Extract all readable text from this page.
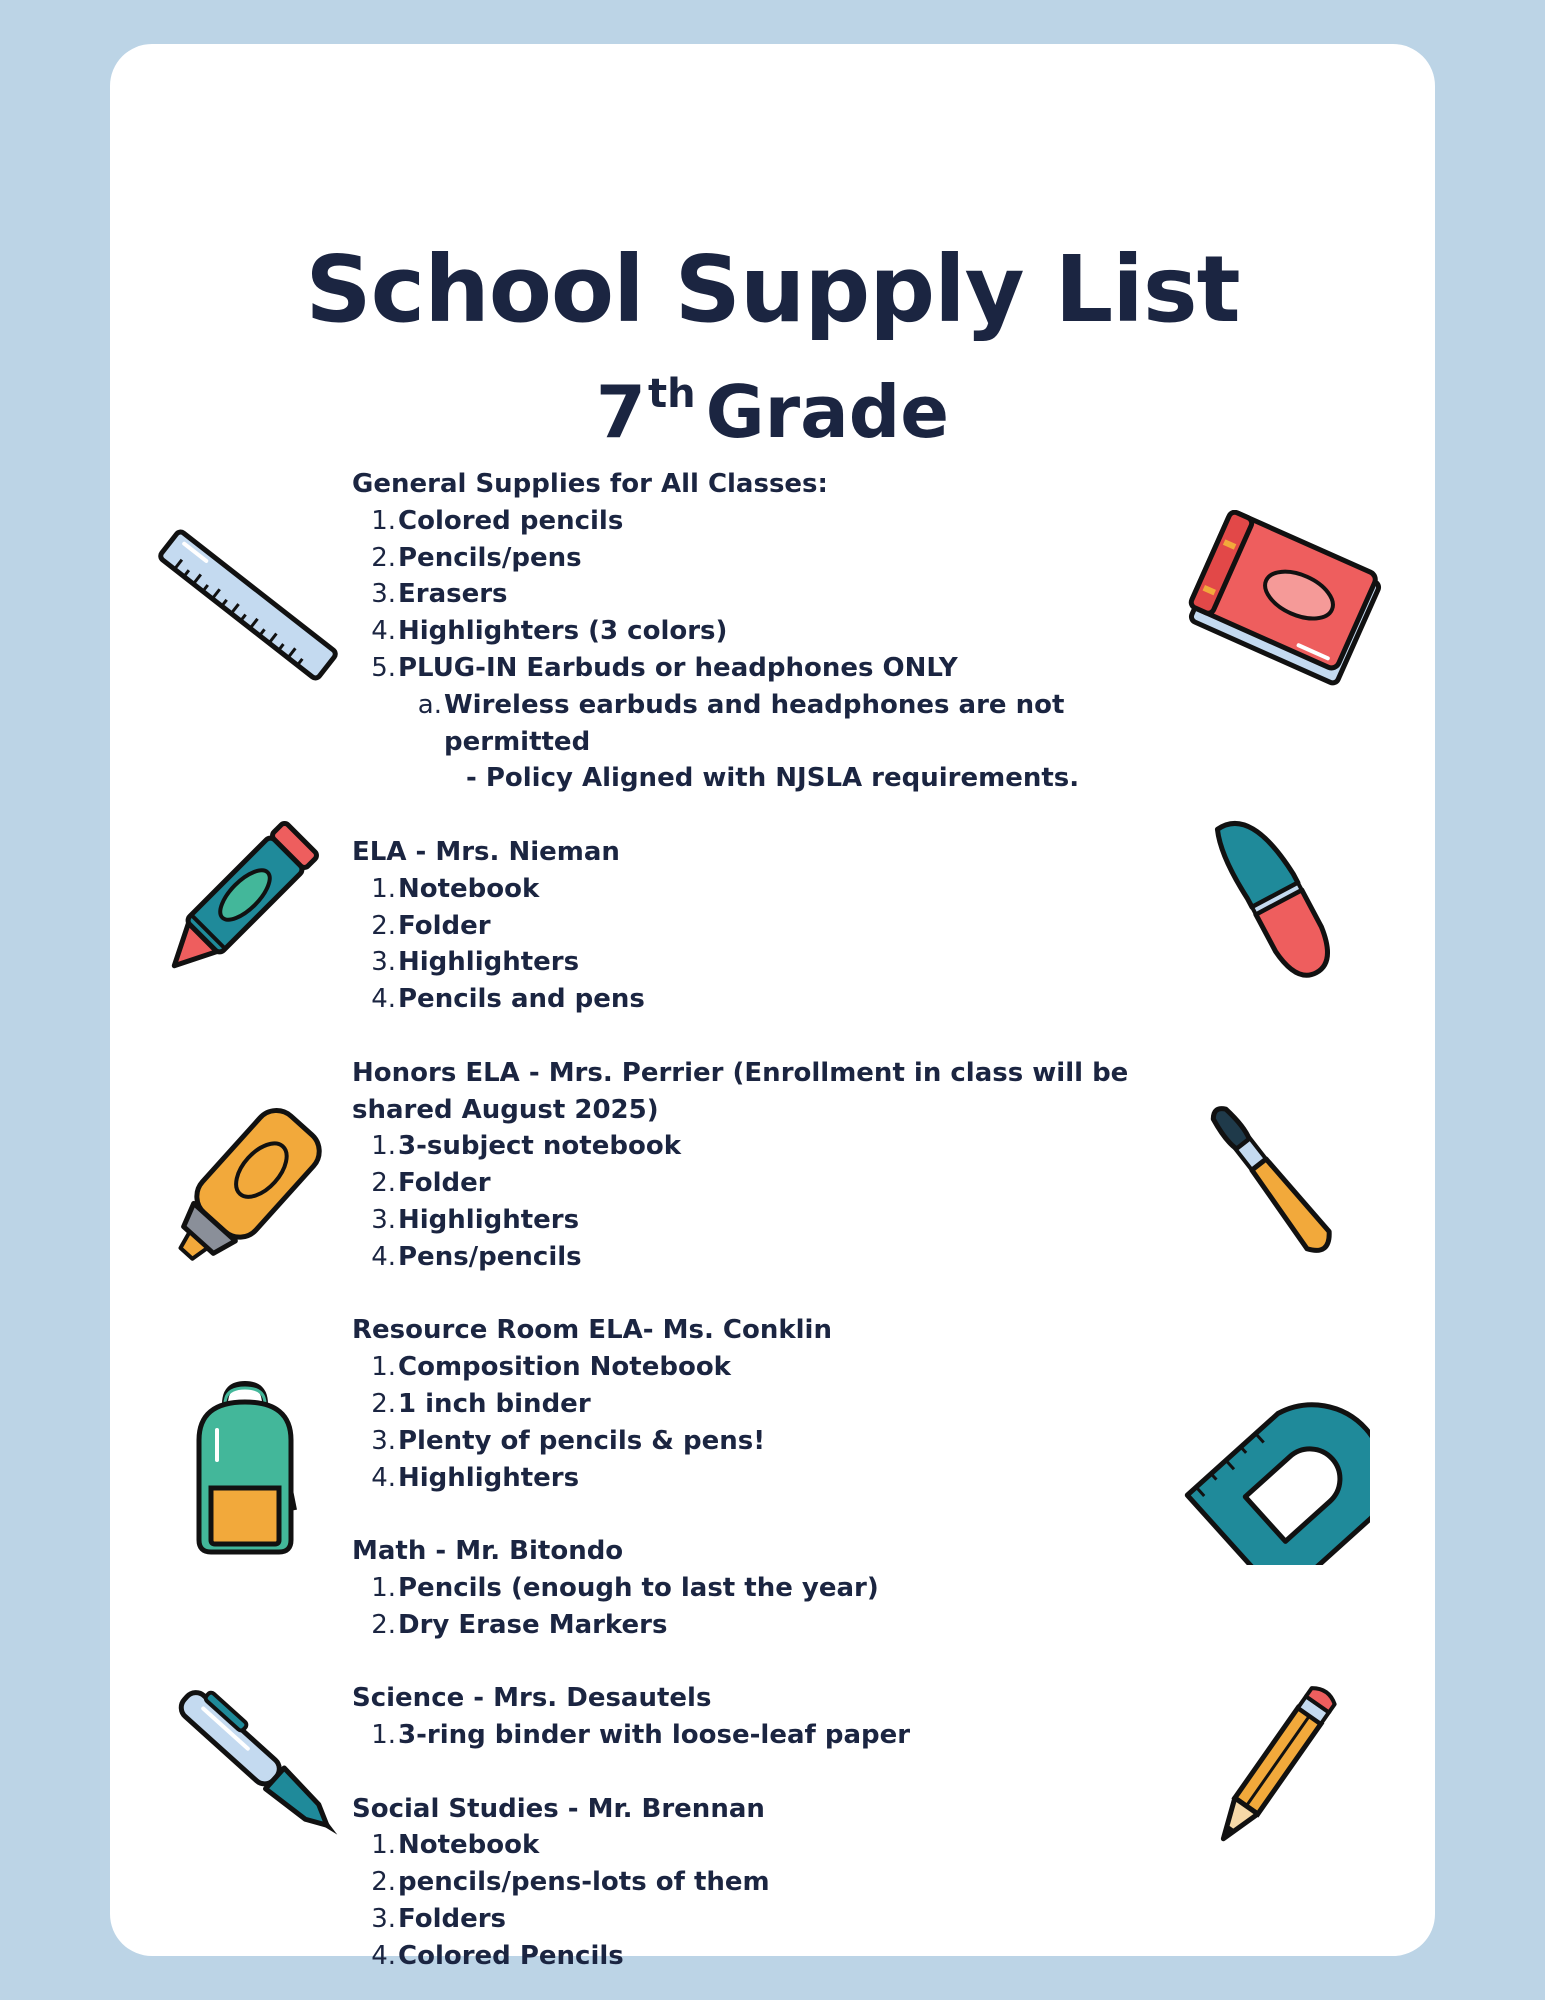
School Supply List
7th Grade
General Supplies for All Classes:
1. Colored pencils
2. Pencils/pens
3. Erasers
4. Highlighters (3 colors)
5. PLUG-IN Earbuds or headphones ONLY
a. Wireless earbuds and headphones are not permitted
- Policy Aligned with NJSLA requirements.
ELA - Mrs. Nieman
1. Notebook
2. Folder
3. Highlighters
4. Pencils and pens
Honors ELA - Mrs. Perrier (Enrollment in class will be shared August 2025)
1. 3-subject notebook
2. Folder
3. Highlighters
4. Pens/pencils
Resource Room ELA- Ms. Conklin
1. Composition Notebook
2. 1 inch binder
3. Plenty of pencils & pens!
4. Highlighters
Math - Mr. Bitondo
1. Pencils (enough to last the year)
2. Dry Erase Markers
Science - Mrs. Desautels
1. 3-ring binder with loose-leaf paper
Social Studies - Mr. Brennan
1. Notebook
2. pencils/pens-lots of them
3. Folders
4. Colored Pencils
